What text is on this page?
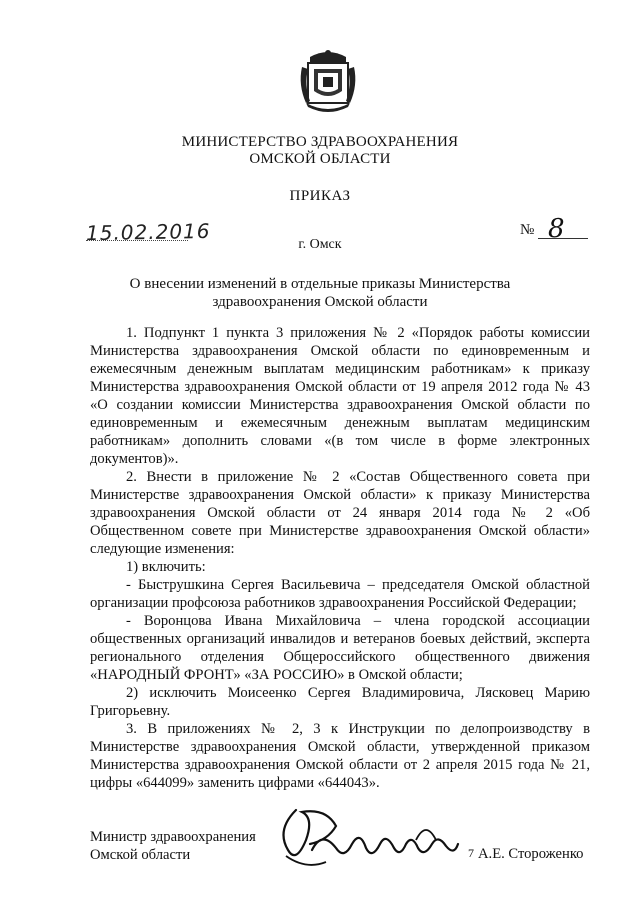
МИНИСТЕРСТВО ЗДРАВООХРАНЕНИЯ
ОМСКОЙ ОБЛАСТИ
ПРИКАЗ
15.02.2016	№ 8
г. Омск
О внесении изменений в отдельные приказы Министерства
здравоохранения Омской области

1. Подпункт 1 пункта 3 приложения № 2 «Порядок работы комиссии Министерства здравоохранения Омской области по единовременным и ежемесячным денежным выплатам медицинским работникам» к приказу Министерства здравоохранения Омской области от 19 апреля 2012 года № 43 «О создании комиссии Министерства здравоохранения Омской области по единовременным и ежемесячным денежным выплатам медицинским работникам» дополнить словами «(в том числе в форме электронных документов)».

2. Внести в приложение № 2 «Состав Общественного совета при Министерстве здравоохранения Омской области» к приказу Министерства здравоохранения Омской области от 24 января 2014 года № 2 «Об Общественном совете при Министерстве здравоохранения Омской области» следующие изменения:

1) включить:

- Быструшкина Сергея Васильевича – председателя Омской областной организации профсоюза работников здравоохранения Российской Федерации;

- Воронцова Ивана Михайловича – члена городской ассоциации общественных организаций инвалидов и ветеранов боевых действий, эксперта регионального отделения Общероссийского общественного движения «НАРОДНЫЙ ФРОНТ» «ЗА РОССИЮ» в Омской области;

2) исключить Моисеенко Сергея Владимировича, Лясковец Марию Григорьевну.

3. В приложениях № 2, 3 к Инструкции по делопроизводству в Министерстве здравоохранения Омской области, утвержденной приказом Министерства здравоохранения Омской области от 2 апреля 2015 года № 21, цифры «644099» заменить цифрами «644043».

Министр здравоохранения
Омской области	7 А.Е. Стороженко
